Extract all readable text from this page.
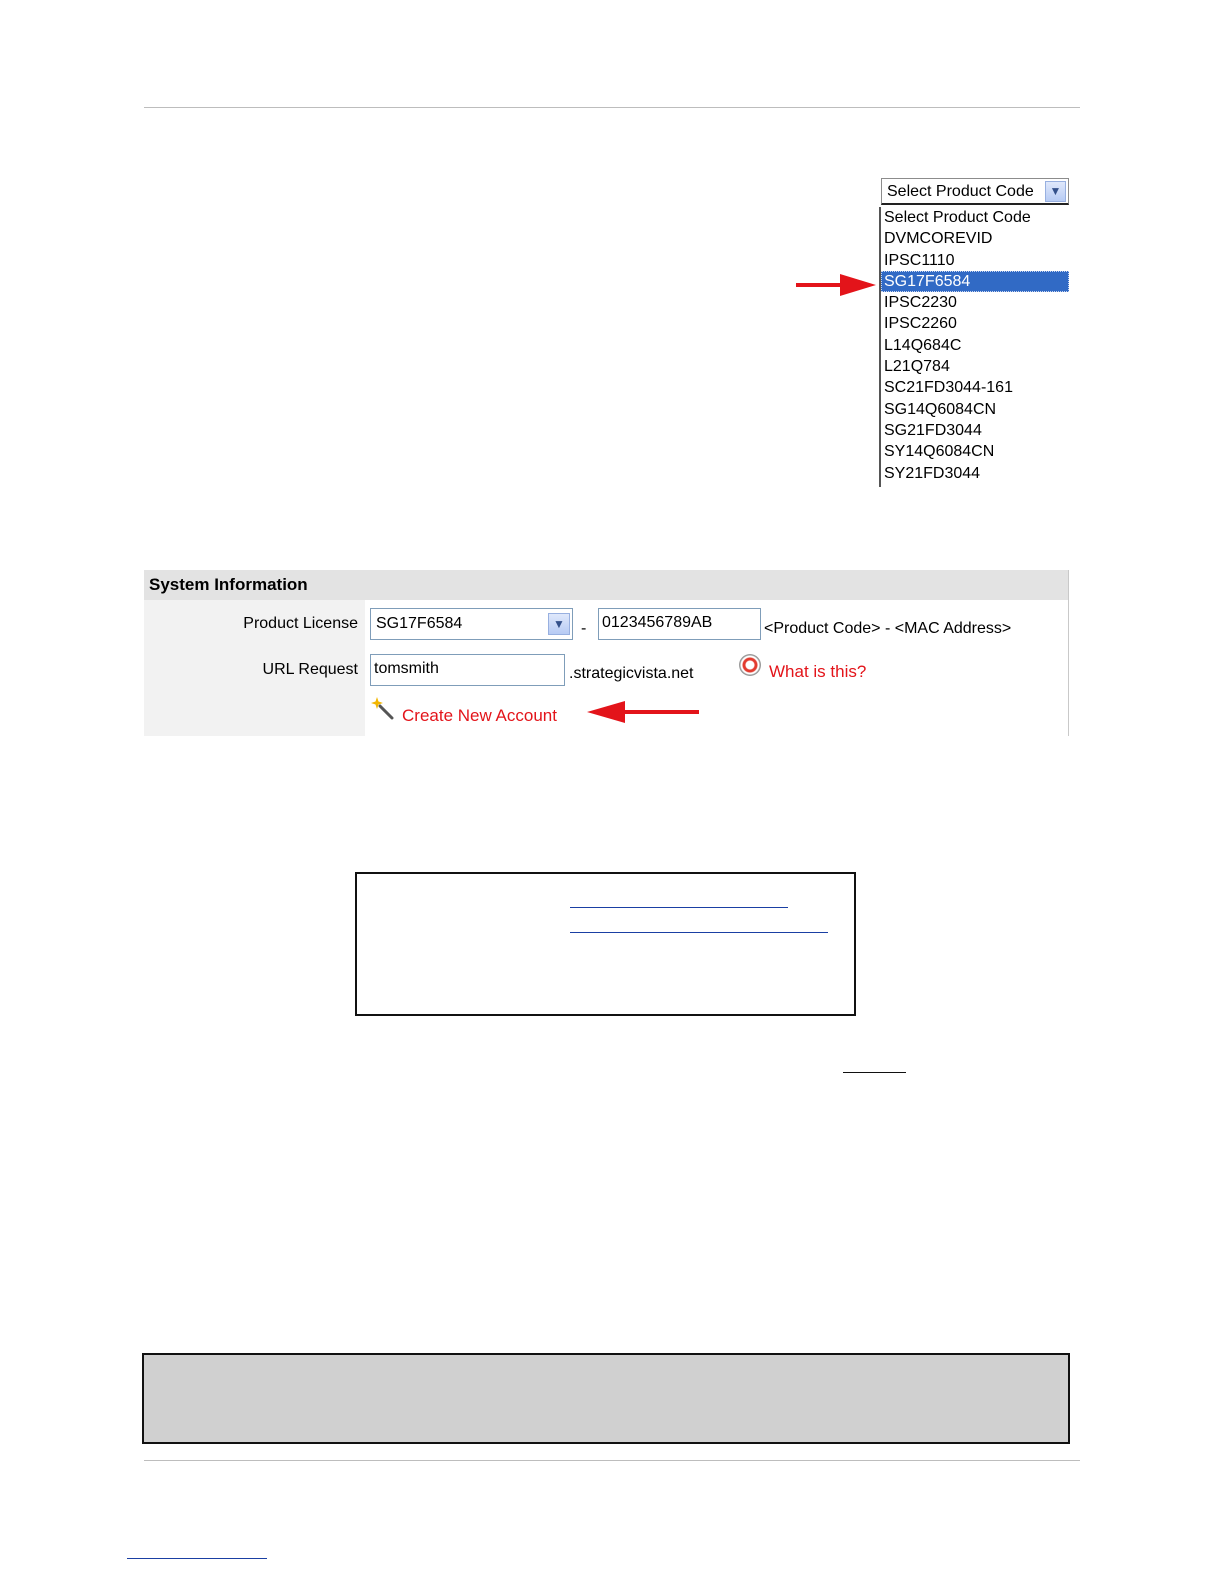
Select Product Code	▼
Select Product Code
DVMCOREVID
IPSC1110
SG17F6584
IPSC2230
IPSC2260
L14Q684C
L21Q784
SC21FD3044-161
SG14Q6084CN
SG21FD3044
SY14Q6084CN
SY21FD3044
System Information
Product License SG17F6584	▼	- 0123456789AB	<Product Code> - <MAC Address>
URL Request tomsmith	.strategicvista.net	What is this?
Create New Account
